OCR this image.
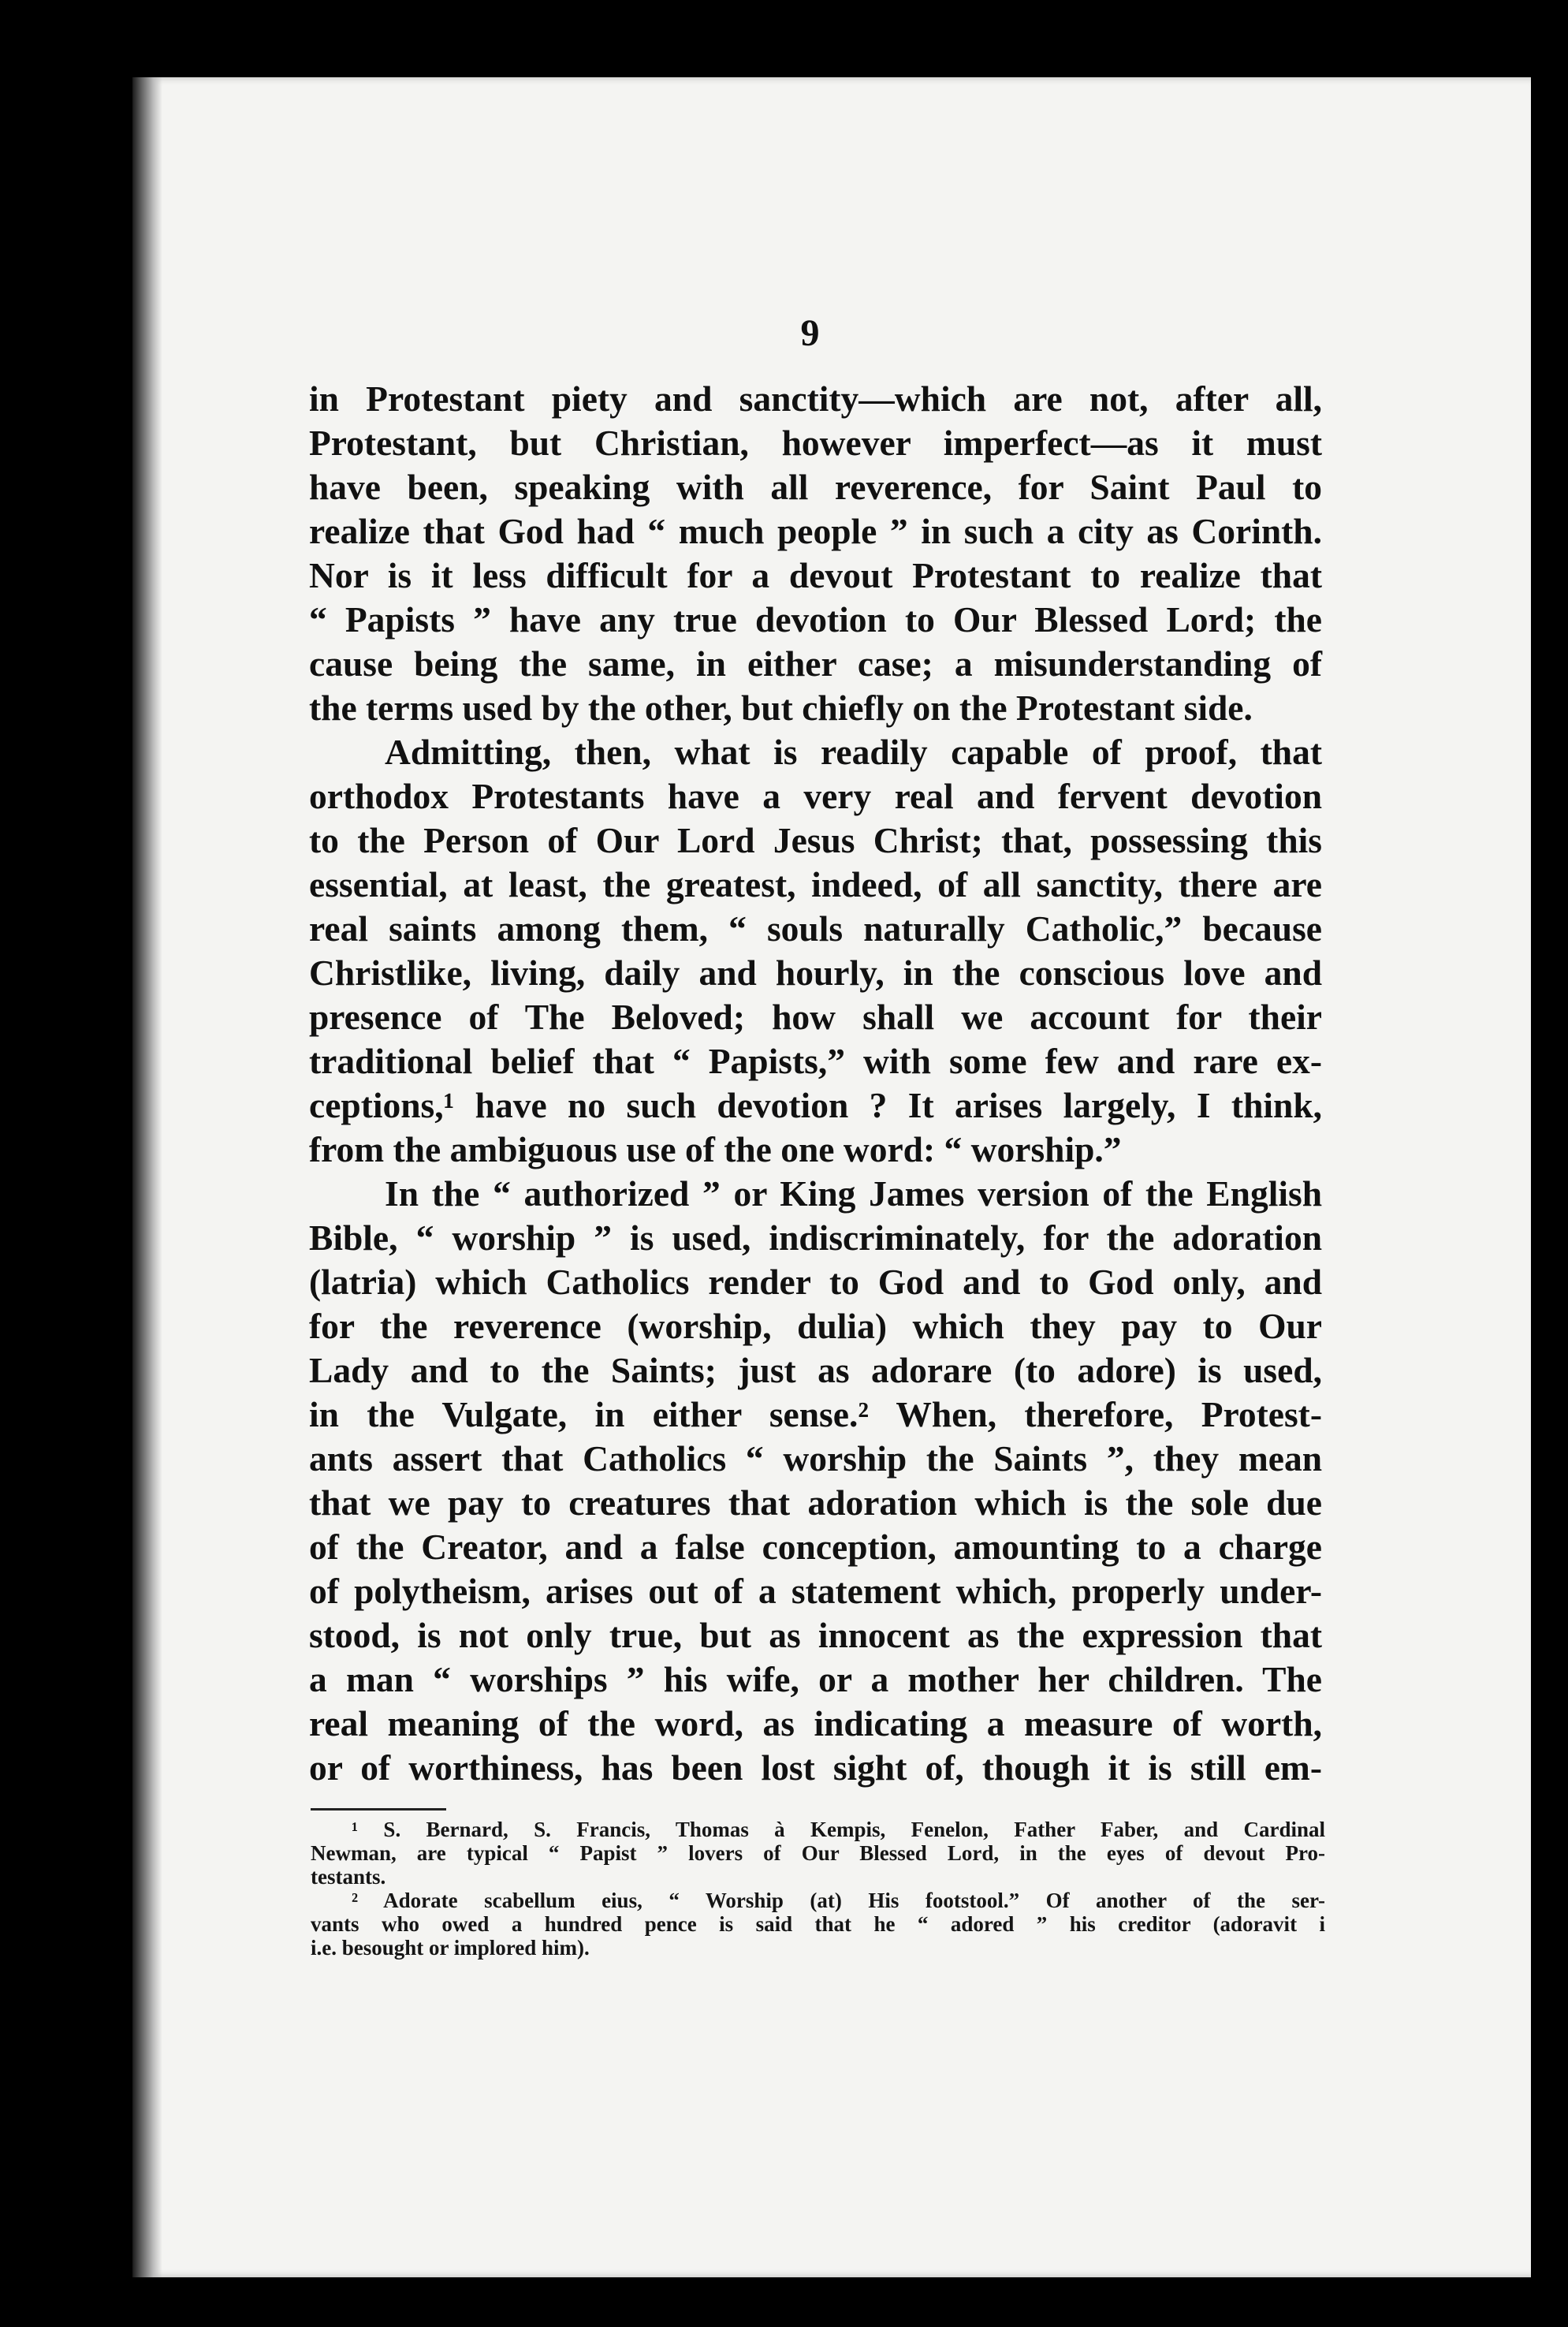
9
in Protestant piety and sanctity—which are not, after all,
Protestant, but Christian, however imperfect—as it must
have been, speaking with all reverence, for Saint Paul to
realize that God had “ much people ” in such a city as Corinth.
Nor is it less difficult for a devout Protestant to realize that
“ Papists ” have any true devotion to Our Blessed Lord; the
cause being the same, in either case; a misunderstanding of
the terms used by the other, but chiefly on the Protestant side.
Admitting, then, what is readily capable of proof, that
orthodox Protestants have a very real and fervent devotion
to the Person of Our Lord Jesus Christ; that, possessing this
essential, at least, the greatest, indeed, of all sanctity, there are
real saints among them, “ souls naturally Catholic,” because
Christlike, living, daily and hourly, in the conscious love and
presence of The Beloved; how shall we account for their
traditional belief that “ Papists,” with some few and rare ex-
ceptions,¹ have no such devotion ? It arises largely, I think,
from the ambiguous use of the one word: “ worship.”
In the “ authorized ” or King James version of the English
Bible, “ worship ” is used, indiscriminately, for the adoration
(latria) which Catholics render to God and to God only, and
for the reverence (worship, dulia) which they pay to Our
Lady and to the Saints; just as adorare (to adore) is used,
in the Vulgate, in either sense.² When, therefore, Protest-
ants assert that Catholics “ worship the Saints ”, they mean
that we pay to creatures that adoration which is the sole due
of the Creator, and a false conception, amounting to a charge
of polytheism, arises out of a statement which, properly under-
stood, is not only true, but as innocent as the expression that
a man “ worships ” his wife, or a mother her children. The
real meaning of the word, as indicating a measure of worth,
or of worthiness, has been lost sight of, though it is still em-
¹ S. Bernard, S. Francis, Thomas à Kempis, Fenelon, Father Faber, and Cardinal
Newman, are typical “ Papist ” lovers of Our Blessed Lord, in the eyes of devout Pro-
testants.
² Adorate scabellum eius, “ Worship (at) His footstool.” Of another of the ser-
vants who owed a hundred pence is said that he “ adored ” his creditor (adoravit i
i.e. besought or implored him).
